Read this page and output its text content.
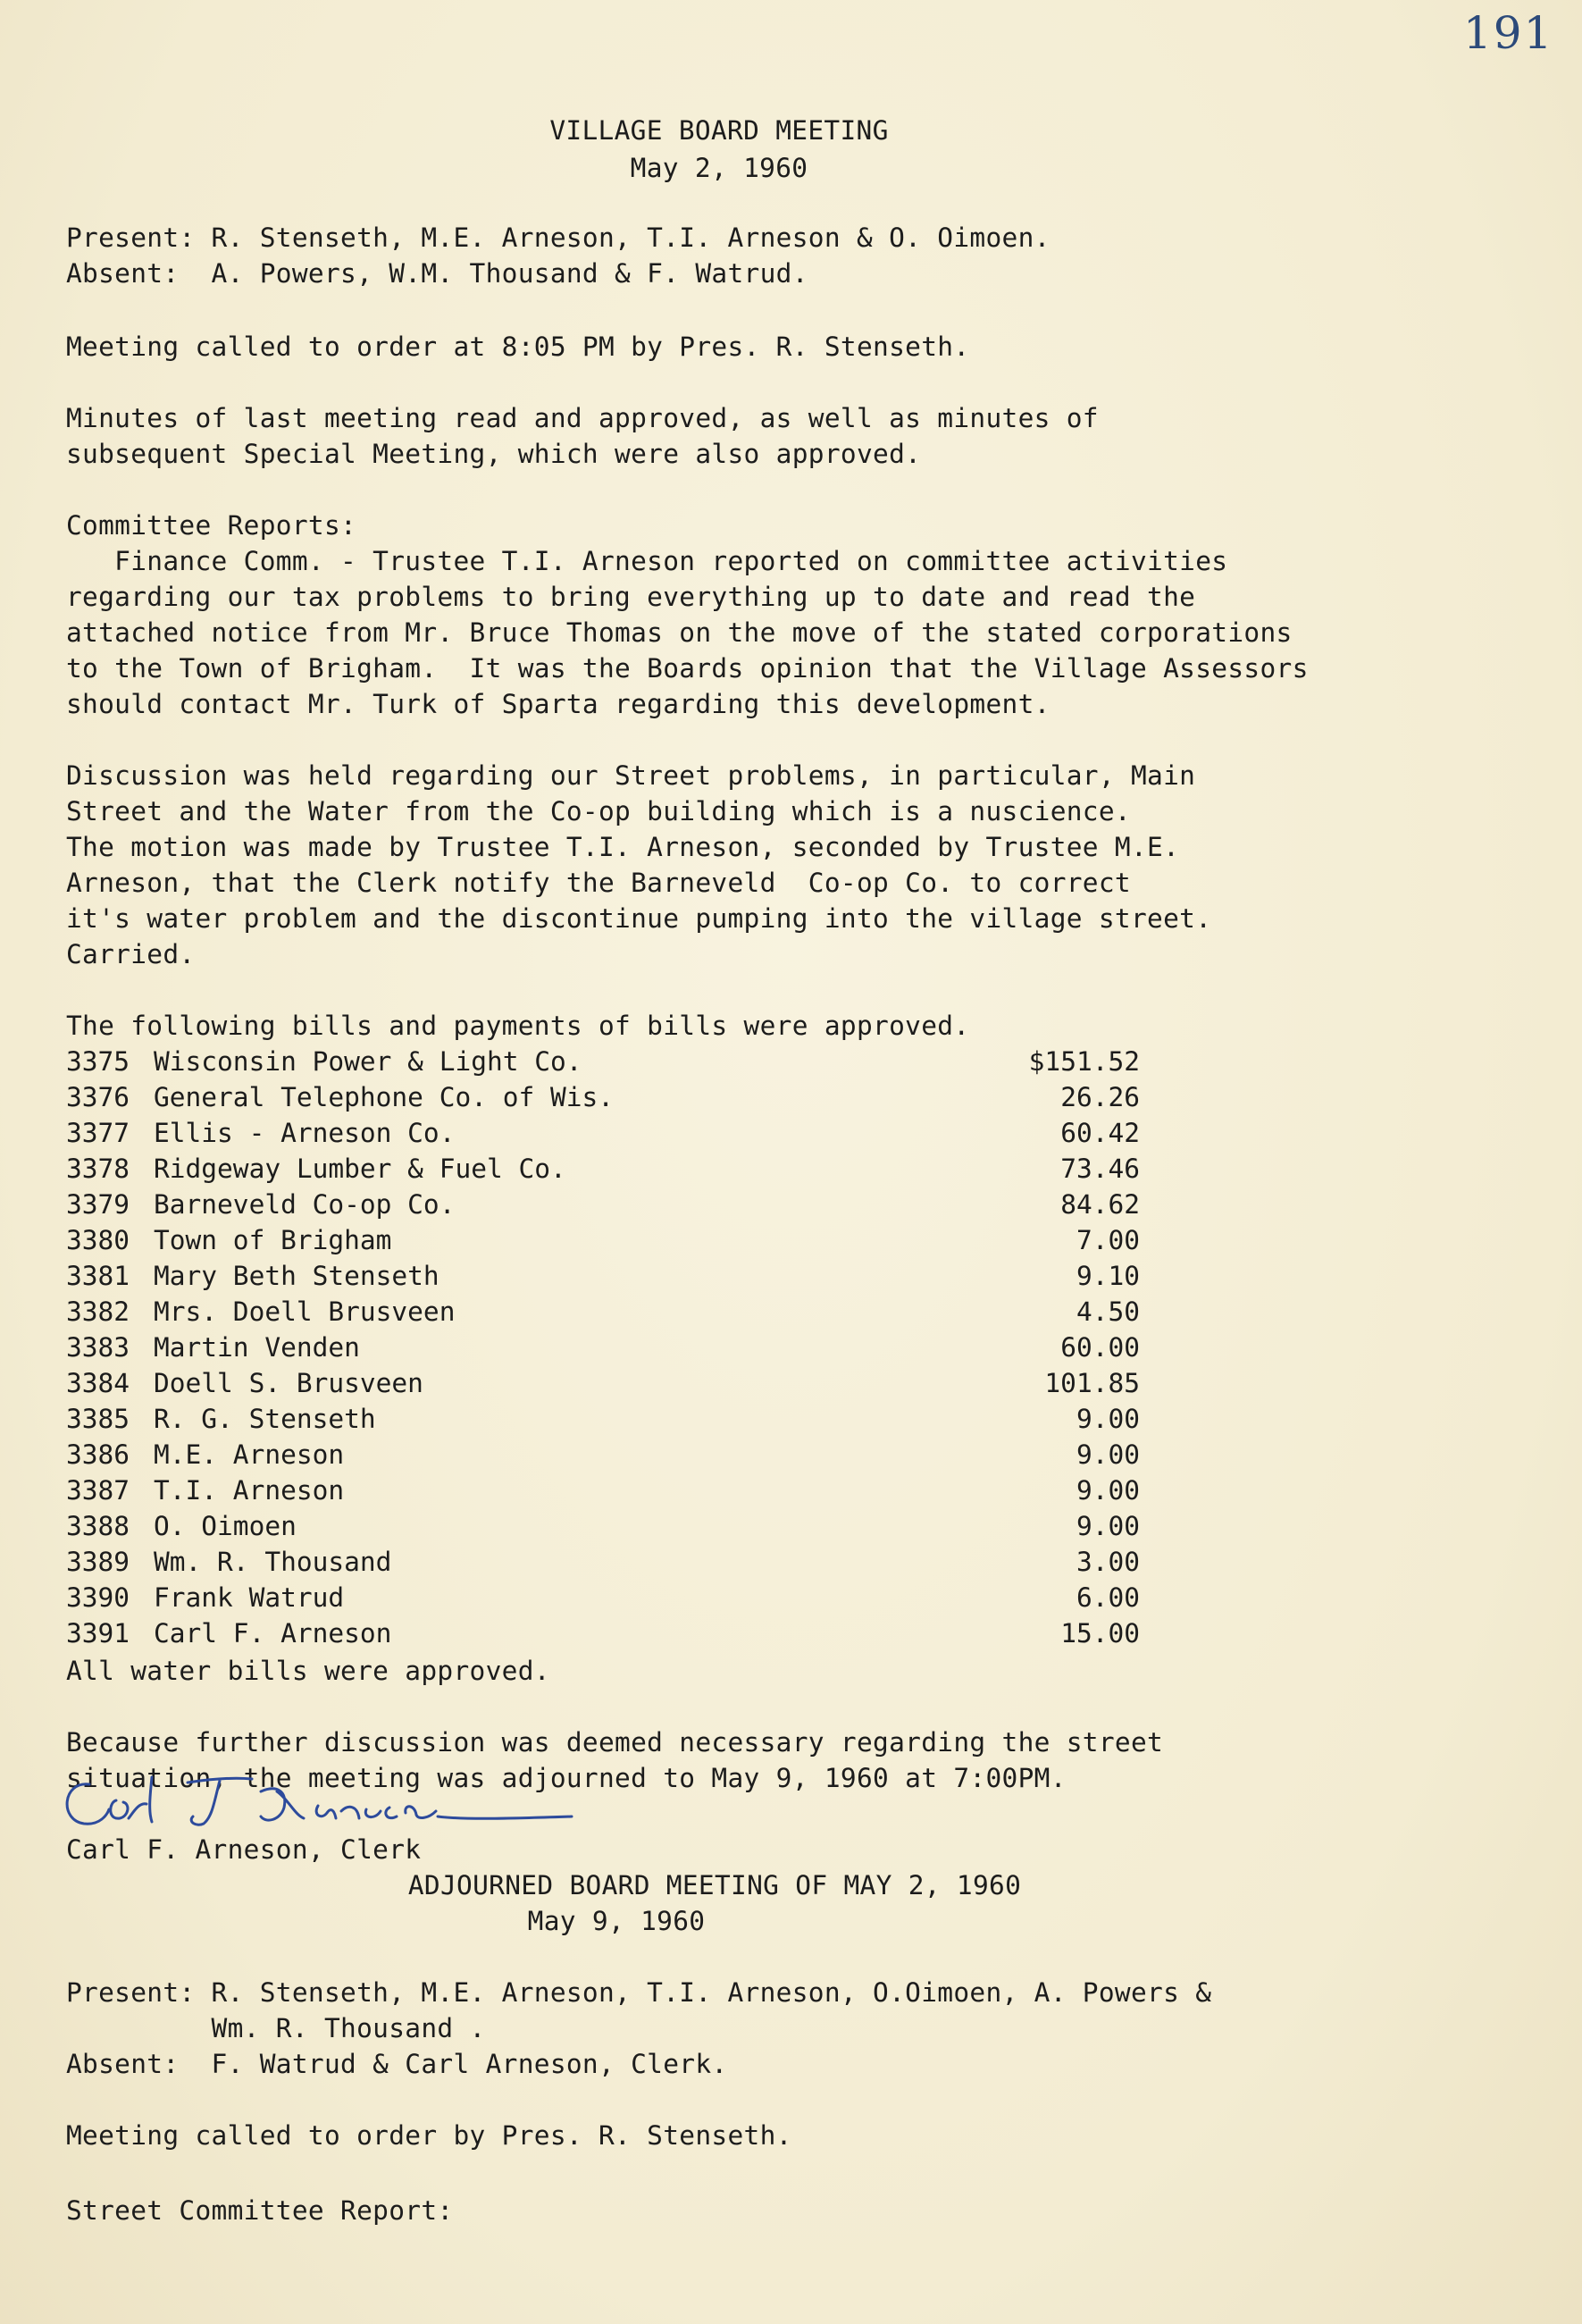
191
VILLAGE BOARD MEETING
May 2, 1960
Present: R. Stenseth, M.E. Arneson, T.I. Arneson & O. Oimoen.
Absent:  A. Powers, W.M. Thousand & F. Watrud.
Meeting called to order at 8:05 PM by Pres. R. Stenseth.
Minutes of last meeting read and approved, as well as minutes of
subsequent Special Meeting, which were also approved.
Committee Reports:
Finance Comm. - Trustee T.I. Arneson reported on committee activities
regarding our tax problems to bring everything up to date and read the
attached notice from Mr. Bruce Thomas on the move of the stated corporations
to the Town of Brigham.  It was the Boards opinion that the Village Assessors
should contact Mr. Turk of Sparta regarding this development.
Discussion was held regarding our Street problems, in particular, Main
Street and the Water from the Co-op building which is a nuscience.
The motion was made by Trustee T.I. Arneson, seconded by Trustee M.E.
Arneson, that the Clerk notify the Barneveld  Co-op Co. to correct
it's water problem and the discontinue pumping into the village street.
Carried.
The following bills and payments of bills were approved.
3375 Wisconsin Power & Light Co.	$151.52
3376 General Telephone Co. of Wis.	26.26
3377 Ellis - Arneson Co.	60.42
3378 Ridgeway Lumber & Fuel Co.	73.46
3379 Barneveld Co-op Co.	84.62
3380 Town of Brigham	7.00
3381 Mary Beth Stenseth	9.10
3382 Mrs. Doell Brusveen	4.50
3383 Martin Venden	60.00
3384 Doell S. Brusveen	101.85
3385 R. G. Stenseth	9.00
3386 M.E. Arneson	9.00
3387 T.I. Arneson	9.00
3388 O. Oimoen	9.00
3389 Wm. R. Thousand	3.00
3390 Frank Watrud	6.00
3391 Carl F. Arneson	15.00
All water bills were approved.
Because further discussion was deemed necessary regarding the street
situation, the meeting was adjourned to May 9, 1960 at 7:00PM.
Carl F. Arneson, Clerk
ADJOURNED BOARD MEETING OF MAY 2, 1960
May 9, 1960
Present: R. Stenseth, M.E. Arneson, T.I. Arneson, O.Oimoen, A. Powers &
Wm. R. Thousand .
Absent:  F. Watrud & Carl Arneson, Clerk.
Meeting called to order by Pres. R. Stenseth.
Street Committee Report:
